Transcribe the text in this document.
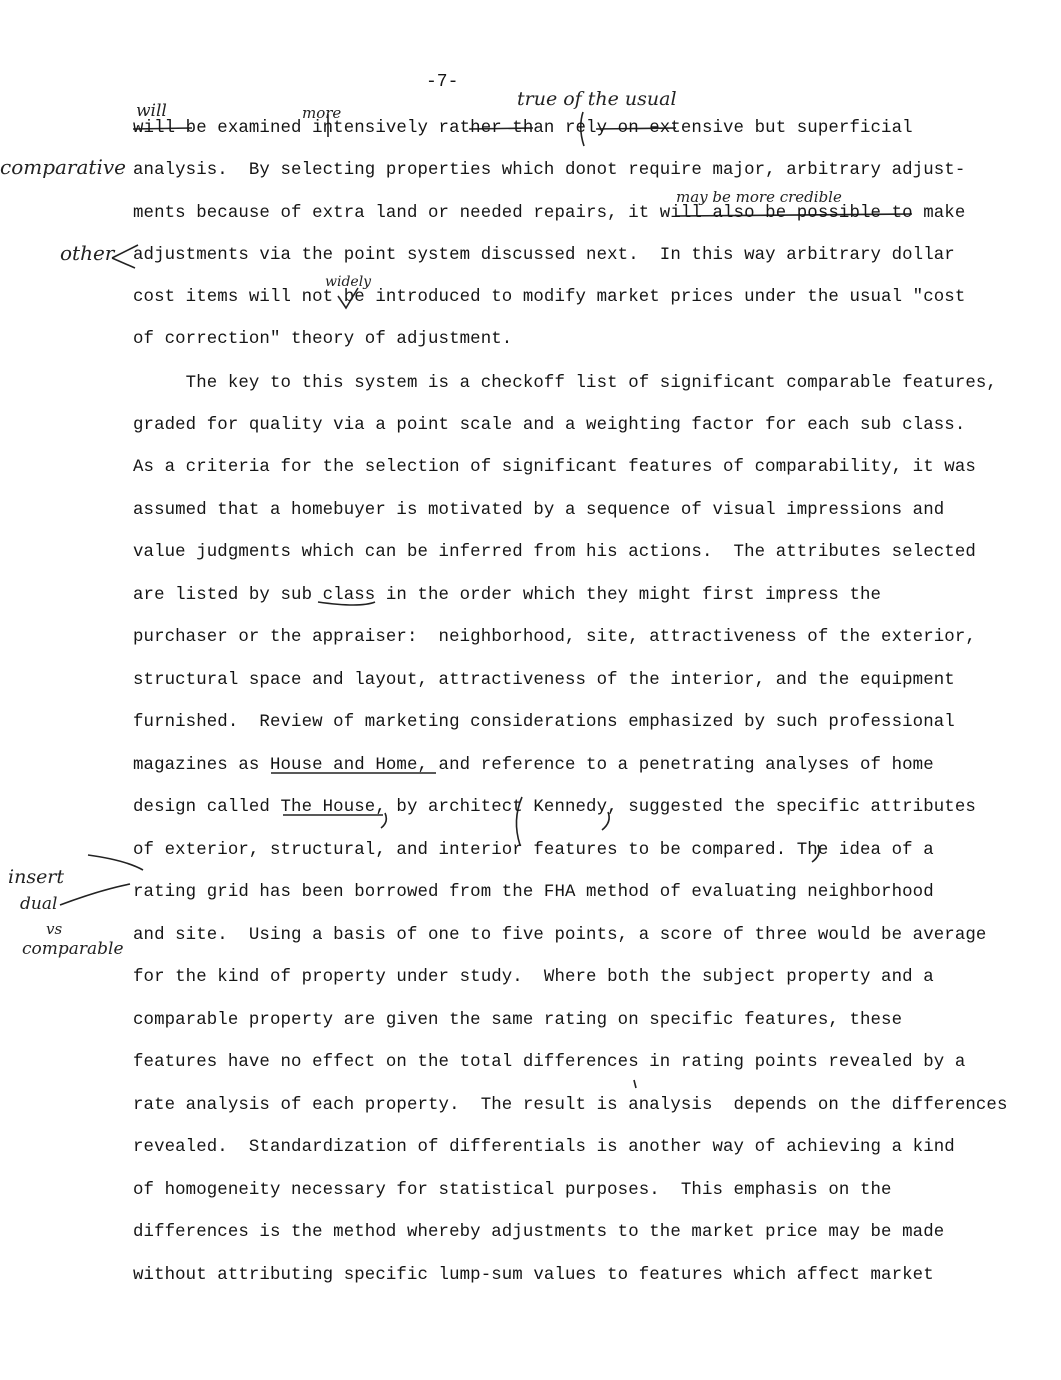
-7-
will	more
true of the usual
comparative
may be more credible
other
widely
insert
dual
vs
comparable
will be examined intensively rather than rely on extensive but superficial
analysis.  By selecting properties which donot require major, arbitrary adjust-
ments because of extra land or needed repairs, it will also be possible to make
adjustments via the point system discussed next.  In this way arbitrary dollar
cost items will not be introduced to modify market prices under the usual "cost
of correction" theory of adjustment.
The key to this system is a checkoff list of significant comparable features,
graded for quality via a point scale and a weighting factor for each sub class.
As a criteria for the selection of significant features of comparability, it was
assumed that a homebuyer is motivated by a sequence of visual impressions and
value judgments which can be inferred from his actions.  The attributes selected
are listed by sub class in the order which they might first impress the
purchaser or the appraiser:  neighborhood, site, attractiveness of the exterior,
structural space and layout, attractiveness of the interior, and the equipment
furnished.  Review of marketing considerations emphasized by such professional
magazines as House and Home, and reference to a penetrating analyses of home
design called The House, by architect Kennedy, suggested the specific attributes
of exterior, structural, and interior features to be compared. The idea of a
rating grid has been borrowed from the FHA method of evaluating neighborhood
and site.  Using a basis of one to five points, a score of three would be average
for the kind of property under study.  Where both the subject property and a
comparable property are given the same rating on specific features, these
features have no effect on the total differences in rating points revealed by a
rate analysis of each property.  The result is analysis  depends on the differences
revealed.  Standardization of differentials is another way of achieving a kind
of homogeneity necessary for statistical purposes.  This emphasis on the
differences is the method whereby adjustments to the market price may be made
without attributing specific lump-sum values to features which affect market
